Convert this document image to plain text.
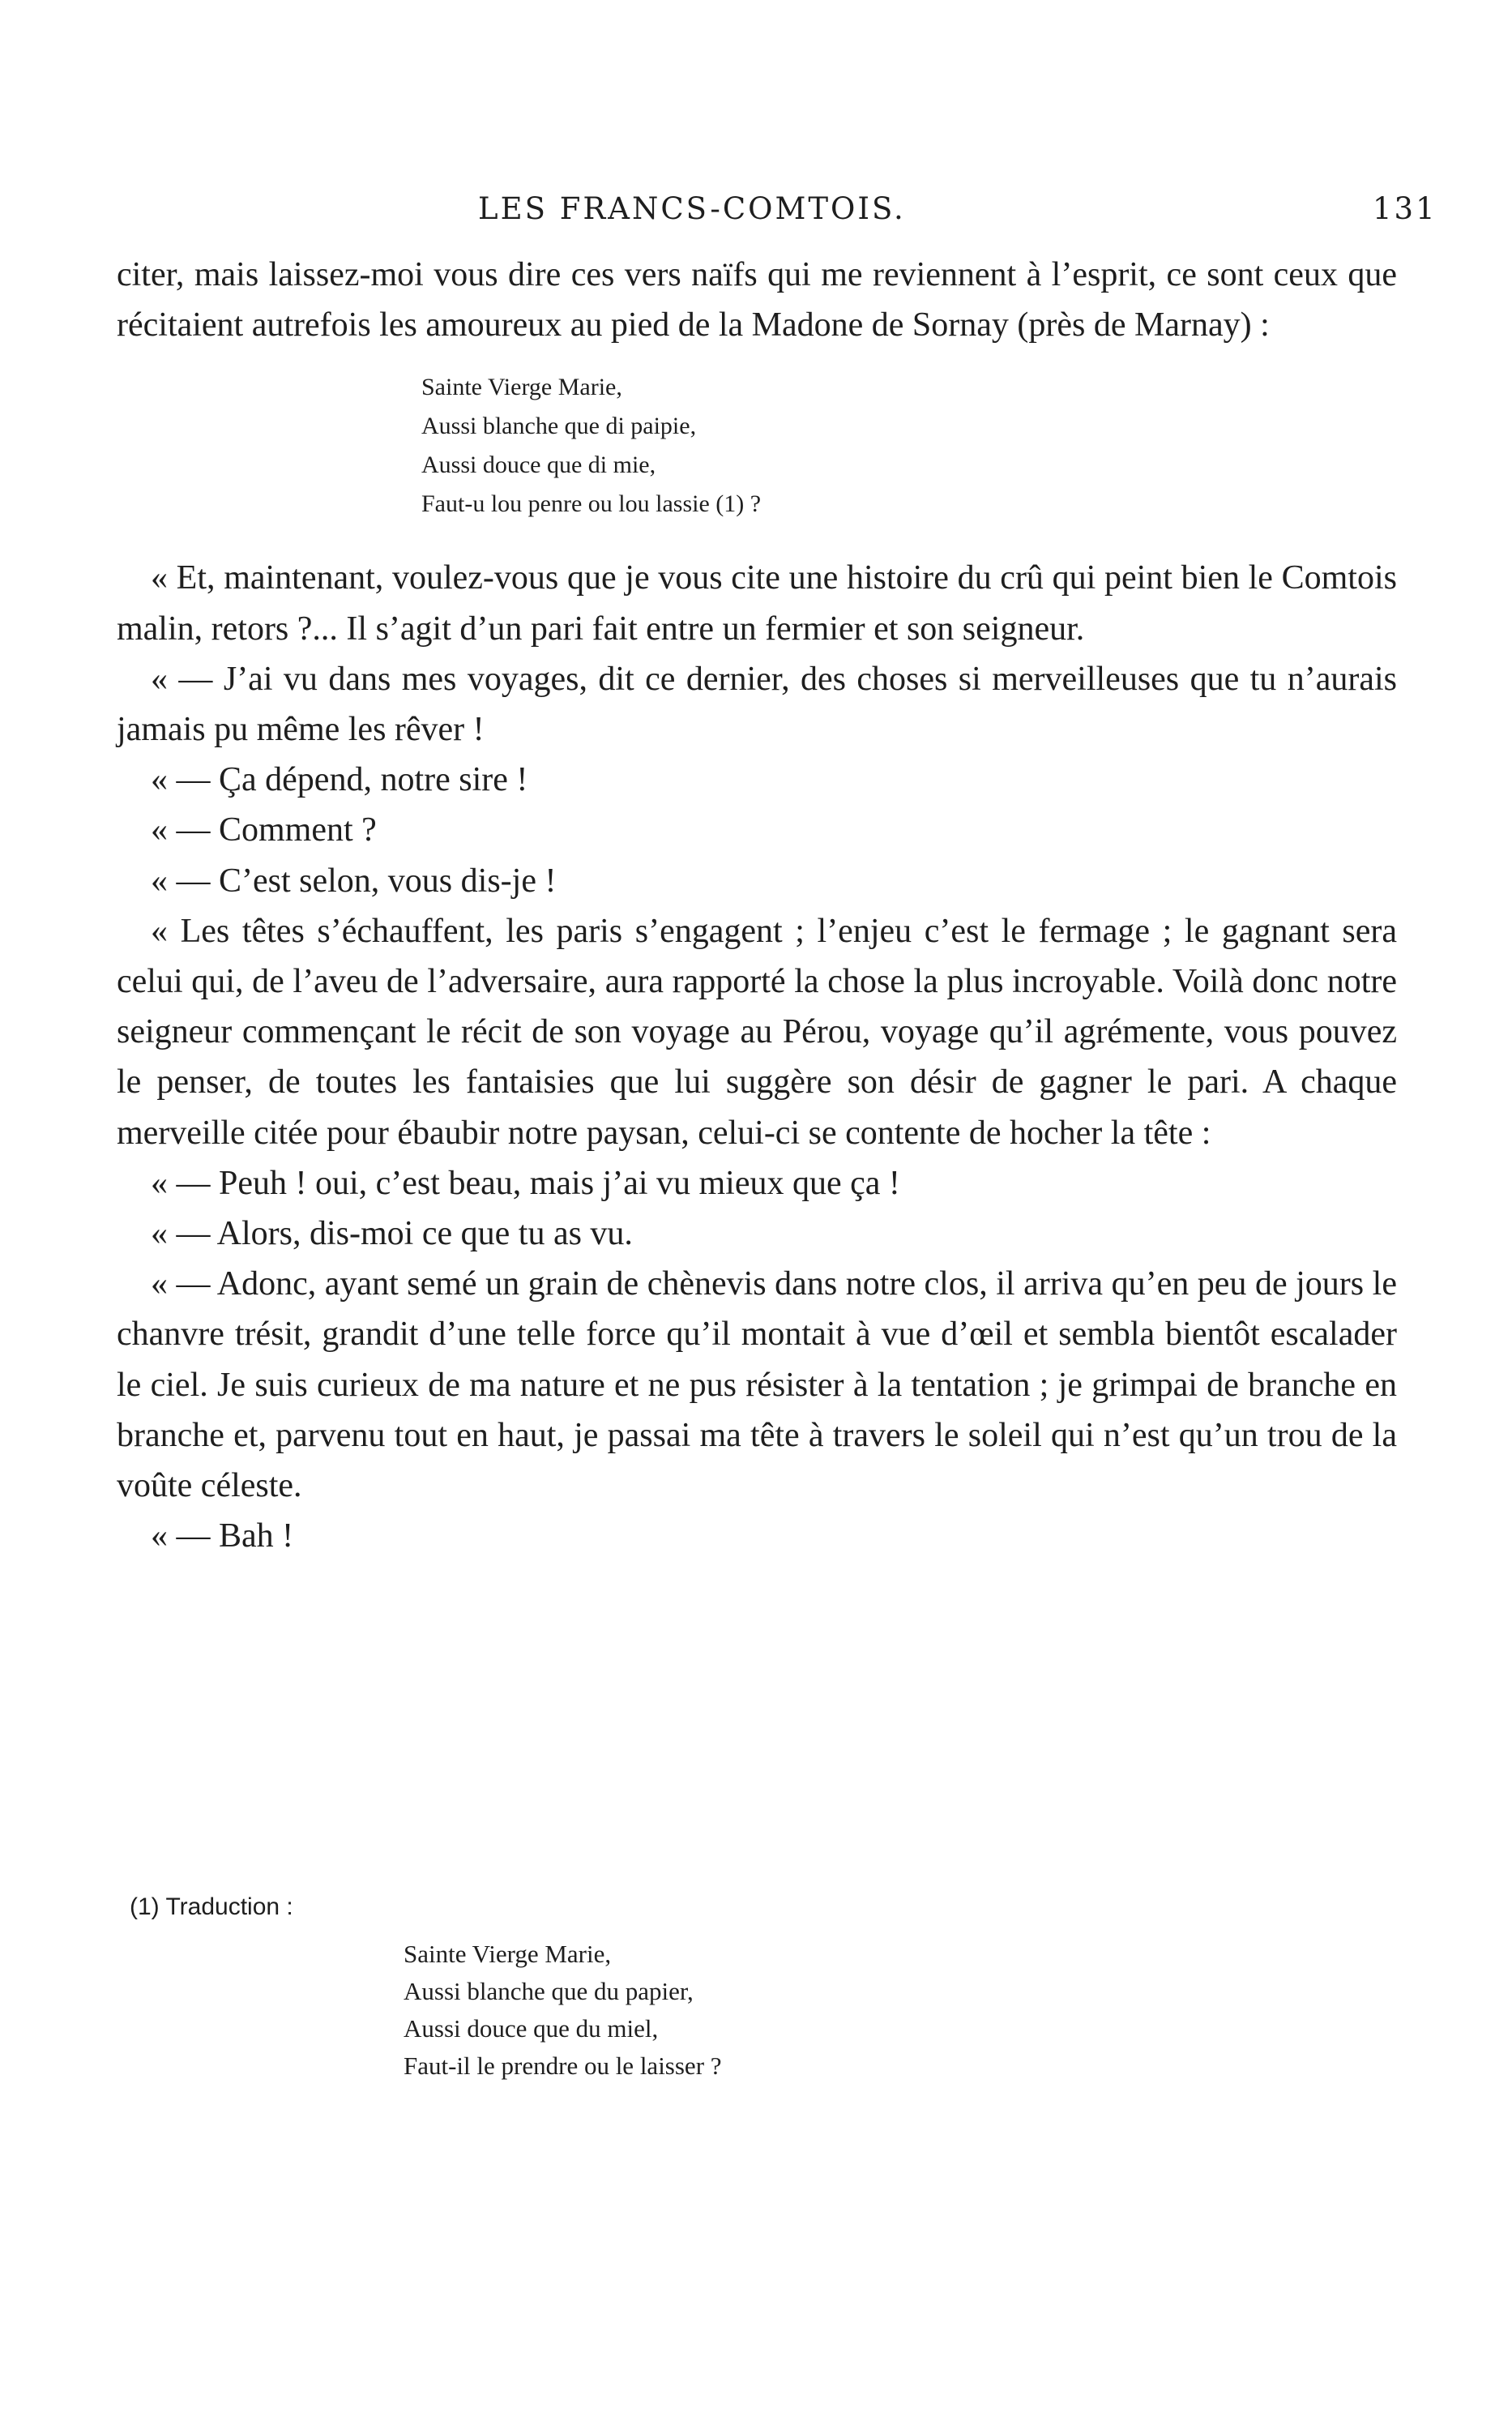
LES FRANCS-COMTOIS.	131

citer, mais laissez-moi vous dire ces vers naïfs qui me reviennent à l’esprit, ce sont ceux que récitaient autrefois les amoureux au pied de la Madone de Sornay (près de Marnay) :

Sainte Vierge Marie,
Aussi blanche que di paipie,
Aussi douce que di mie,
Faut-u lou penre ou lou lassie (1) ?

« Et, maintenant, voulez-vous que je vous cite une histoire du crû qui peint bien le Comtois malin, retors ?... Il s’agit d’un pari fait entre un fermier et son seigneur.

« — J’ai vu dans mes voyages, dit ce dernier, des choses si merveilleuses que tu n’aurais jamais pu même les rêver !

« — Ça dépend, notre sire !

« — Comment ?

« — C’est selon, vous dis-je !

« Les têtes s’échauffent, les paris s’engagent ; l’enjeu c’est le fermage ; le gagnant sera celui qui, de l’aveu de l’adversaire, aura rapporté la chose la plus incroyable. Voilà donc notre seigneur commençant le récit de son voyage au Pérou, voyage qu’il agrémente, vous pouvez le penser, de toutes les fantaisies que lui suggère son désir de gagner le pari. A chaque merveille citée pour ébaubir notre paysan, celui-ci se contente de hocher la tête :

« — Peuh ! oui, c’est beau, mais j’ai vu mieux que ça !

« — Alors, dis-moi ce que tu as vu.

« — Adonc, ayant semé un grain de chènevis dans notre clos, il arriva qu’en peu de jours le chanvre trésit, grandit d’une telle force qu’il montait à vue d’œil et sembla bientôt escalader le ciel. Je suis curieux de ma nature et ne pus résister à la tentation ; je grimpai de branche en branche et, parvenu tout en haut, je passai ma tête à travers le soleil qui n’est qu’un trou de la voûte céleste.

« — Bah !

(1) Traduction :
Sainte Vierge Marie,
Aussi blanche que du papier,
Aussi douce que du miel,
Faut-il le prendre ou le laisser ?
